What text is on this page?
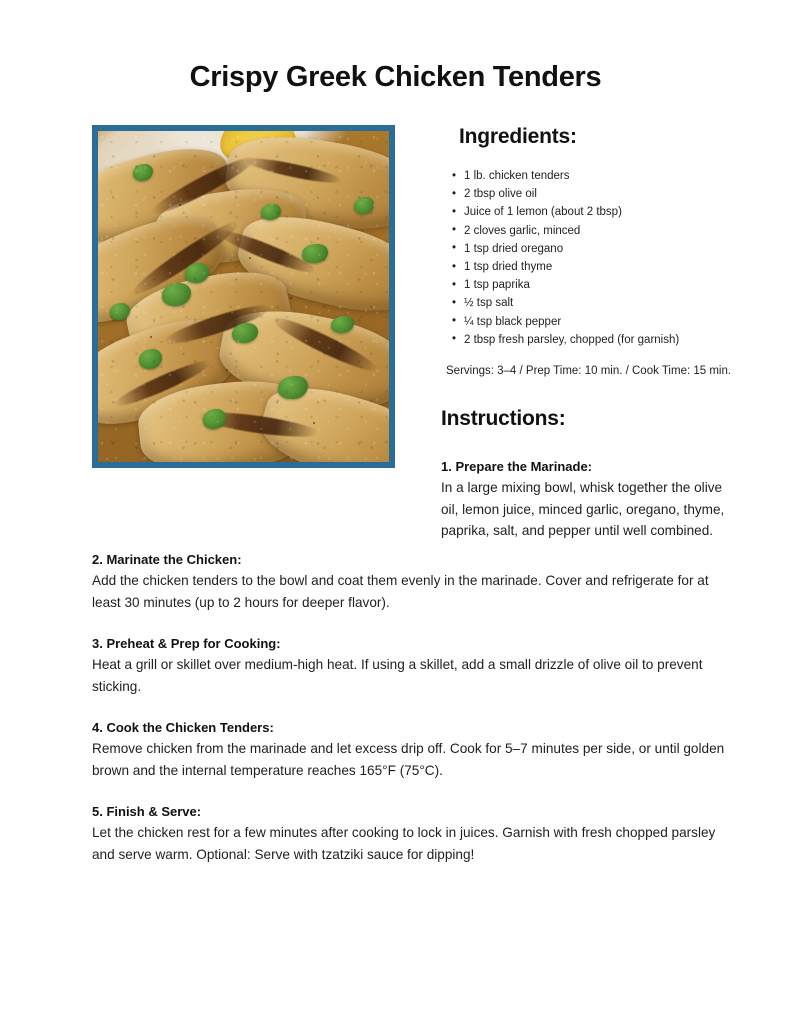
Crispy Greek Chicken Tenders
Ingredients:
• 1 lb. chicken tenders
• 2 tbsp olive oil
• Juice of 1 lemon (about 2 tbsp)
• 2 cloves garlic, minced
• 1 tsp dried oregano
• 1 tsp dried thyme
• 1 tsp paprika
• ½ tsp salt
• ¼ tsp black pepper
• 2 tbsp fresh parsley, chopped (for garnish)
Servings: 3–4 / Prep Time: 10 min. / Cook Time: 15 min.
Instructions:
1. Prepare the Marinade:
In a large mixing bowl, whisk together the olive oil, lemon juice, minced garlic, oregano, thyme, paprika, salt, and pepper until well combined.
2. Marinate the Chicken:
Add the chicken tenders to the bowl and coat them evenly in the marinade. Cover and refrigerate for at least 30 minutes (up to 2 hours for deeper flavor).
3. Preheat & Prep for Cooking:
Heat a grill or skillet over medium-high heat. If using a skillet, add a small drizzle of olive oil to prevent sticking.
4. Cook the Chicken Tenders:
Remove chicken from the marinade and let excess drip off. Cook for 5–7 minutes per side, or until golden brown and the internal temperature reaches 165°F (75°C).
5. Finish & Serve:
Let the chicken rest for a few minutes after cooking to lock in juices. Garnish with fresh chopped parsley and serve warm. Optional: Serve with tzatziki sauce for dipping!
